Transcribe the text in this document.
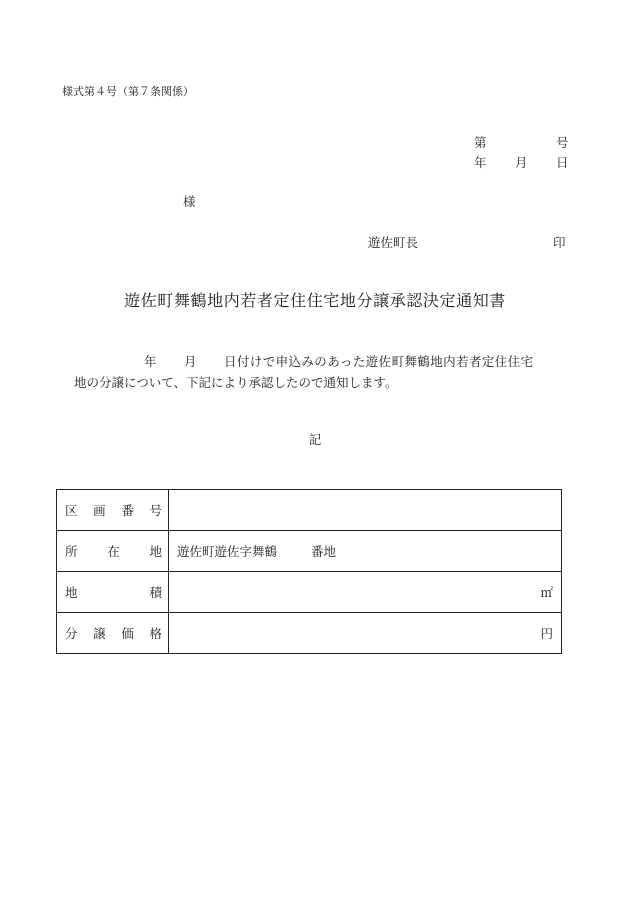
様式第４号（第７条関係）
第	号
年 月 日
様
遊佐町長	印
遊佐町舞鶴地内若者定住住宅地分譲承認決定通知書
年 月 日付けで申込みのあった遊佐町舞鶴地内若者定住住宅
地の分譲について、下記により承認したので通知します。
記
区 画 番 号	

所 在 地	遊佐町遊佐字舞鶴 番地

地 積	㎡

分 譲 価 格	円
